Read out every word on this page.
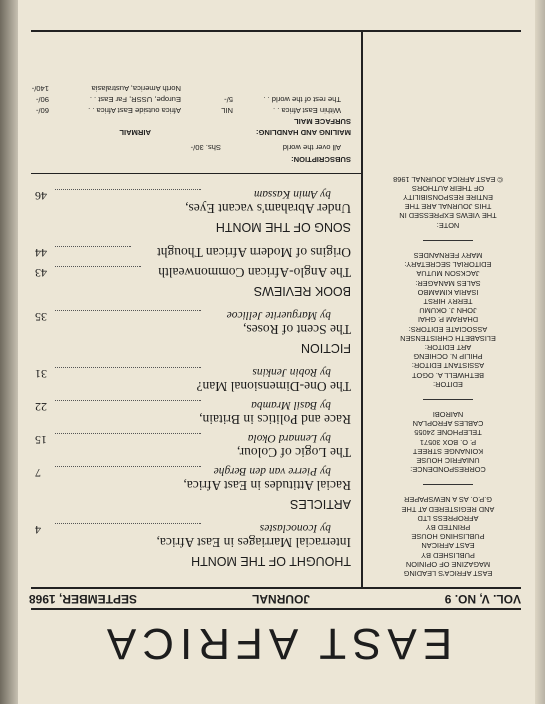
EAST AFRICA
VOL. V, NO. 9
JOURNAL
SEPTEMBER, 1968
EAST AFRICA'S LEADING
MAGAZINE OF OPINION
PUBLISHED BY
EAST AFRICAN
PUBLISHING HOUSE
PRINTED BY
AFROPRESS LTD
AND REGISTERED AT THE
G.P.O. AS A NEWSPAPER
CORRESPONDENCE:
UNIAFRIC HOUSE
KOINANGE STREET
P. O. BOX 30571
TELEPHONE 24055
CABLES AFROPLAN
NAIROBI
EDITOR:
BETHWELL A. OGOT
ASSISTANT EDITOR:
PHILIP N. OCHIENG
ART EDITOR:
ELISABETH CHRISTENSEN
ASSOCIATE EDITORS:
DHARAM P. GHAI
JOHN J. OKUMU
TERRY HIRST
ISARIA KIMAMBO
SALES MANAGER:
JACKSON MUTUA
EDITORIAL SECRETARY:
MARY FERNANDES
NOTE:
THE VIEWS EXPRESSED IN
THIS JOURNAL ARE THE
ENTIRE RESPONSIBILITY
OF THEIR AUTHORS
© EAST AFRICA JOURNAL 1968
THOUGHT OF THE MONTH
Interracial Marriages in East Africa,
by Iconoclastes
4
ARTICLES
Racial Attitudes in East Africa,
by Pierre van den Berghe
7
The Logic of Colour,
by Lennard Okola
15
Race and Politics in Britain,
by Basil Mramba
22
The One-Dimensional Man?
by Robin Jenkins
31
FICTION
The Scent of Roses,
by Marguerite Jellicoe
35
BOOK REVIEWS
The Anglo-African Commonwealth
43
Origins of Modern African Thought
44
SONG OF THE MONTH
Under Abraham's vacant Eyes,
by Amin Kassam
46
SUBSCRIPTION:
All over the world
Shs. 30/-
MAILING AND HANDLING:
AIRMAIL
SURFACE MAIL
Within East Africa . .
NIL
Africa outside East Africa . .
60/-
The rest of the world . .
5/-
Europe, USSR, Far East . .
90/-
North America, Australasia
140/-
